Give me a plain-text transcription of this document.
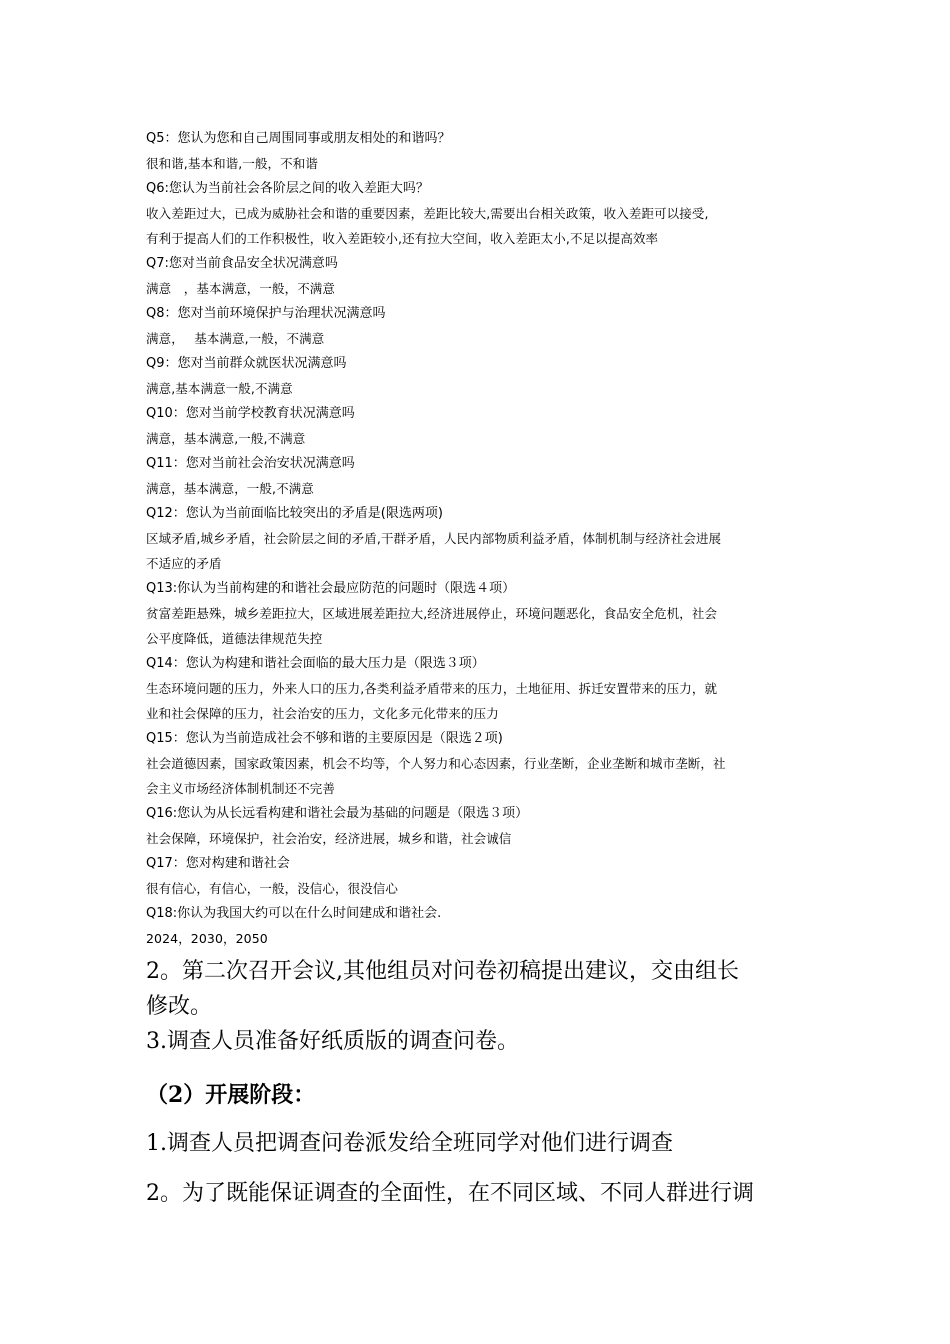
Q5：您认为您和自己周围同事或朋友相处的和谐吗？
很和谐,基本和谐,一般，不和谐
Q6:您认为当前社会各阶层之间的收入差距大吗？
收入差距过大，已成为威胁社会和谐的重要因素，差距比较大,需要出台相关政策，收入差距可以接受,
有利于提高人们的工作积极性，收入差距较小,还有拉大空间，收入差距太小,不足以提高效率
Q7:您对当前食品安全状况满意吗
满意　，基本满意，一般，不满意
Q8：您对当前环境保护与治理状况满意吗
满意，　 基本满意,一般，不满意
Q9：您对当前群众就医状况满意吗
满意,基本满意一般,不满意
Q10：您对当前学校教育状况满意吗
满意，基本满意,一般,不满意
Q11：您对当前社会治安状况满意吗
满意，基本满意，一般,不满意
Q12：您认为当前面临比较突出的矛盾是(限选两项)
区域矛盾,城乡矛盾，社会阶层之间的矛盾,干群矛盾，人民内部物质利益矛盾，体制机制与经济社会进展
不适应的矛盾
Q13:你认为当前构建的和谐社会最应防范的问题时（限选４项）
贫富差距悬殊，城乡差距拉大，区域进展差距拉大,经济进展停止，环境问题恶化，食品安全危机，社会
公平度降低，道德法律规范失控
Q14：您认为构建和谐社会面临的最大压力是（限选３项）
生态环境问题的压力，外来人口的压力,各类利益矛盾带来的压力，土地征用、拆迁安置带来的压力，就
业和社会保障的压力，社会治安的压力，文化多元化带来的压力
Q15：您认为当前造成社会不够和谐的主要原因是（限选２项)
社会道德因素，国家政策因素，机会不均等，个人努力和心态因素，行业垄断，企业垄断和城市垄断，社
会主义市场经济体制机制还不完善
Q16:您认为从长远看构建和谐社会最为基础的问题是（限选３项）
社会保障，环境保护，社会治安，经济进展，城乡和谐，社会诚信
Q17：您对构建和谐社会
很有信心，有信心，一般，没信心，很没信心
Q18:你认为我国大约可以在什么时间建成和谐社会.
2024，2030，2050
2。第二次召开会议,其他组员对问卷初稿提出建议，交由组长
修改。
3.调查人员准备好纸质版的调查问卷。
（2）开展阶段：
1.调查人员把调查问卷派发给全班同学对他们进行调查
2。为了既能保证调查的全面性，在不同区域、不同人群进行调
